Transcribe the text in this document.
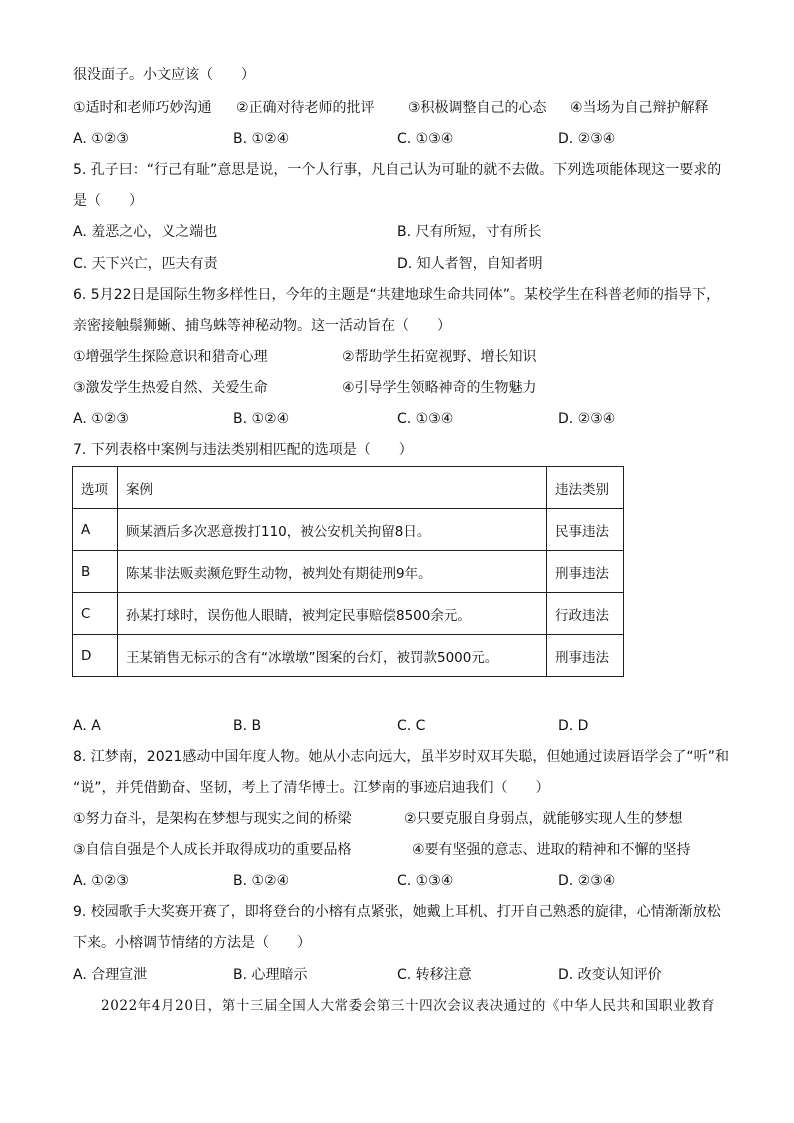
很没面子。小文应该（　　）
①适时和老师巧妙沟通 ②正确对待老师的批评 ③积极调整自己的心态 ④当场为自己辩护解释
A. ①②③	B. ①②④	C. ①③④	D. ②③④
5. 孔子曰：“行己有耻”意思是说，一个人行事，凡自己认为可耻的就不去做。下列选项能体现这一要求的
是（　　）
A. 羞恶之心，义之端也	B. 尺有所短，寸有所长
C. 天下兴亡，匹夫有责	D. 知人者智，自知者明
6. 5月22日是国际生物多样性日，今年的主题是“共建地球生命共同体”。某校学生在科普老师的指导下，
亲密接触鬃狮蜥、捕鸟蛛等神秘动物。这一活动旨在（　　）
①增强学生探险意识和猎奇心理	②帮助学生拓宽视野、增长知识
③激发学生热爱自然、关爱生命	④引导学生领略神奇的生物魅力
A. ①②③	B. ①②④	C. ①③④	D. ②③④
7. 下列表格中案例与违法类别相匹配的选项是（　　）
选项	案例	违法类别
A	顾某酒后多次恶意拨打110，被公安机关拘留8日。	民事违法
B	陈某非法贩卖濒危野生动物，被判处有期徒刑9年。	刑事违法
C	孙某打球时，误伤他人眼睛，被判定民事赔偿8500余元。	行政违法
D	王某销售无标示的含有“冰墩墩”图案的台灯，被罚款5000元。	刑事违法
A. A	B. B	C. C	D. D
8. 江梦南，2021感动中国年度人物。她从小志向远大，虽半岁时双耳失聪，但她通过读唇语学会了“听”和
“说”，并凭借勤奋、坚韧，考上了清华博士。江梦南的事迹启迪我们（　　）
①努力奋斗，是架构在梦想与现实之间的桥梁	②只要克服自身弱点，就能够实现人生的梦想
③自信自强是个人成长并取得成功的重要品格	④要有坚强的意志、进取的精神和不懈的坚持
A. ①②③	B. ①②④	C. ①③④	D. ②③④
9. 校园歌手大奖赛开赛了，即将登台的小榕有点紧张，她戴上耳机、打开自己熟悉的旋律，心情渐渐放松
下来。小榕调节情绪的方法是（　　）
A. 合理宣泄	B. 心理暗示	C. 转移注意	D. 改变认知评价
2022年4月20日，第十三届全国人大常委会第三十四次会议表决通过的《中华人民共和国职业教育
